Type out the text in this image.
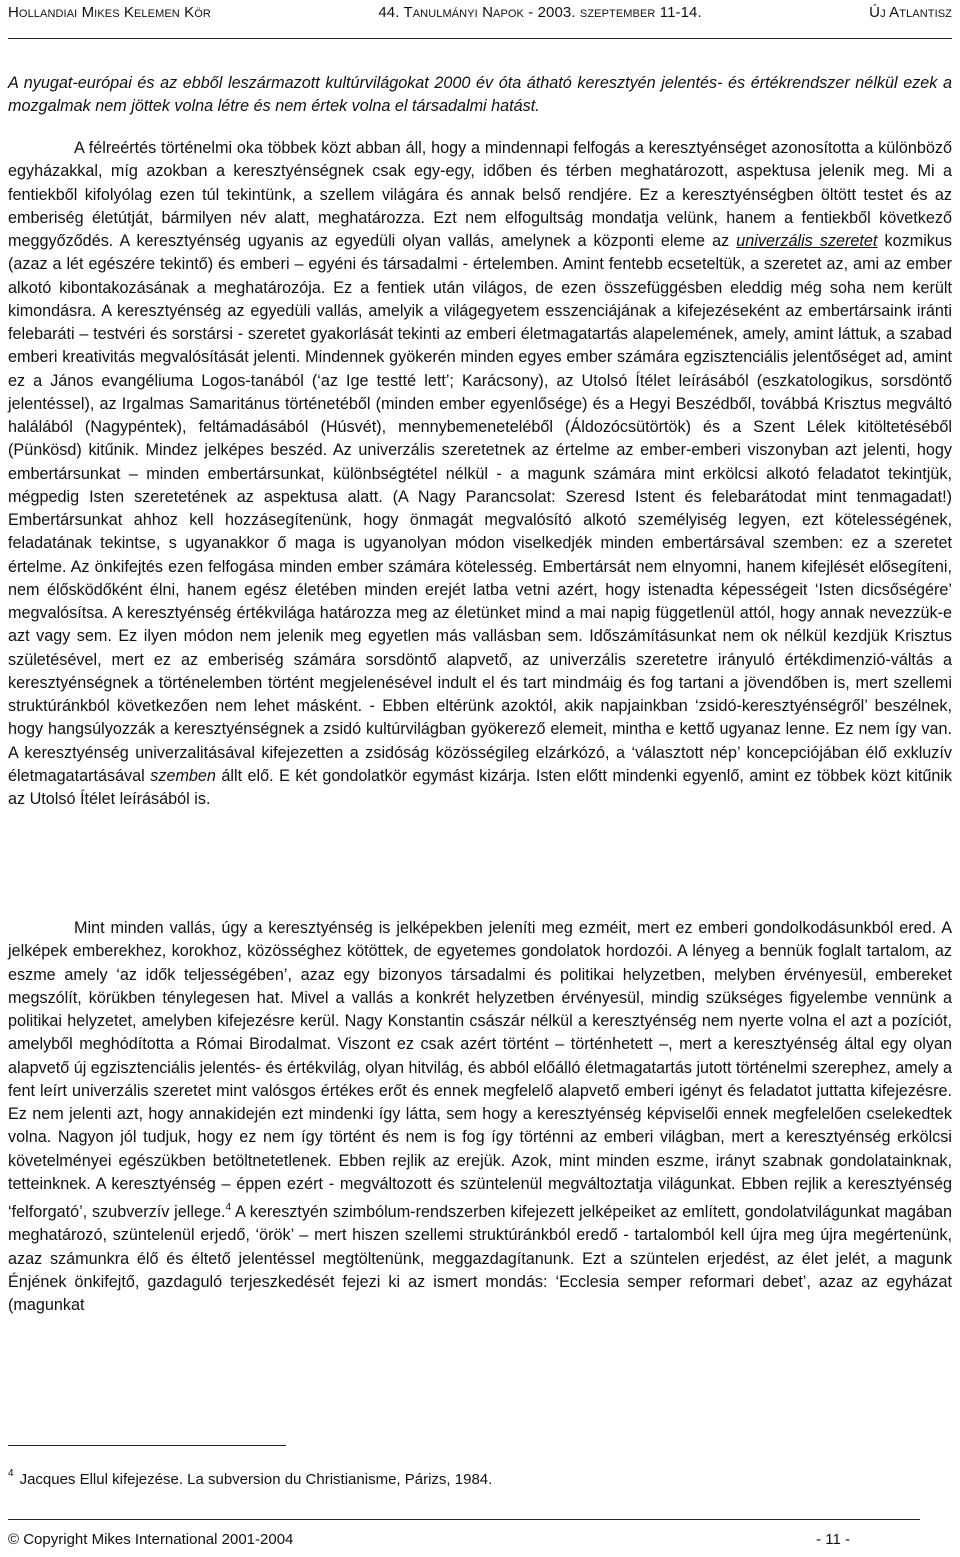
Hollandiai Mikes Kelemen Kör	44. Tanulmányi Napok - 2003. szeptember 11-14.	Új Atlantisz

A nyugat-európai és az ebből leszármazott kultúrvilágokat 2000 év óta átható keresztyén jelentés- és értékrendszer nélkül ezek a mozgalmak nem jöttek volna létre és nem értek volna el társadalmi hatást.

A félreértés történelmi oka többek közt abban áll, hogy a mindennapi felfogás a keresztyénséget azonosította a különböző egyházakkal, míg azokban a keresztyénségnek csak egy-egy, időben és térben meghatározott, aspektusa jelenik meg. Mi a fentiekből kifolyólag ezen túl tekintünk, a szellem világára és annak belső rendjére. Ez a keresztyénségben öltött testet és az emberiség életútját, bármilyen név alatt, meghatározza. Ezt nem elfogultság mondatja velünk, hanem a fentiekből következő meggyőződés. A keresztyénség ugyanis az egyedüli olyan vallás, amelynek a központi eleme az univerzális szeretet kozmikus (azaz a lét egészére tekintő) és emberi – egyéni és társadalmi - értelemben. Amint fentebb ecseteltük, a szeretet az, ami az ember alkotó kibontakozásának a meghatározója. Ez a fentiek után világos, de ezen összefüggésben eleddig még soha nem került kimondásra. A keresztyénség az egyedüli vallás, amelyik a világegyetem esszenciájának a kifejezéseként az embertársaink iránti felebaráti – testvéri és sorstársi - szeretet gyakorlását tekinti az emberi életmagatartás alapelemének, amely, amint láttuk, a szabad emberi kreativitás megvalósítását jelenti. Mindennek gyökerén minden egyes ember számára egzisztenciális jelentőséget ad, amint ez a János evangéliuma Logos-tanából (‘az Ige testté lett’; Karácsony), az Utolsó Ítélet leírásából (eszkatologikus, sorsdöntő jelentéssel), az Irgalmas Samaritánus történetéből (minden ember egyenlősége) és a Hegyi Beszédből, továbbá Krisztus megváltó halálából (Nagypéntek), feltámadásából (Húsvét), mennybemeneteléből (Áldozócsütörtök) és a Szent Lélek kitöltetéséből (Pünkösd) kitűnik. Mindez jelképes beszéd. Az univerzális szeretetnek az értelme az ember-emberi viszonyban azt jelenti, hogy embertársunkat – minden embertársunkat, különbségtétel nélkül - a magunk számára mint erkölcsi alkotó feladatot tekintjük, mégpedig Isten szeretetének az aspektusa alatt. (A Nagy Parancsolat: Szeresd Istent és felebarátodat mint tenmagadat!) Embertársunkat ahhoz kell hozzásegítenünk, hogy önmagát megvalósító alkotó személyiség legyen, ezt kötelességének, feladatának tekintse, s ugyanakkor ő maga is ugyanolyan módon viselkedjék minden embertársával szemben: ez a szeretet értelme. Az önkifejtés ezen felfogása minden ember számára kötelesség. Embertársát nem elnyomni, hanem kifejlését elősegíteni, nem élősködőként élni, hanem egész életében minden erejét latba vetni azért, hogy istenadta képességeit ‘Isten dicsőségére’ megvalósítsa. A keresztyénség értékvilága határozza meg az életünket mind a mai napig függetlenül attól, hogy annak nevezzük-e azt vagy sem. Ez ilyen módon nem jelenik meg egyetlen más vallásban sem. Időszámításunkat nem ok nélkül kezdjük Krisztus születésével, mert ez az emberiség számára sorsdöntő alapvető, az univerzális szeretetre irányuló értékdimenzió-váltás a keresztyénségnek a történelemben történt megjelenésével indult el és tart mindmáig és fog tartani a jövendőben is, mert szellemi struktúránkból következően nem lehet másként. - Ebben eltérünk azoktól, akik napjainkban ‘zsidó-keresztyénségről’ beszélnek, hogy hangsúlyozzák a keresztyénségnek a zsidó kultúrvilágban gyökerező elemeit, mintha e kettő ugyanaz lenne. Ez nem így van. A keresztyénség univerzalitásával kifejezetten a zsidóság közösségileg elzárkózó, a ‘választott nép’ koncepciójában élő exkluzív életmagatartásával szemben állt elő. E két gondolatkör egymást kizárja. Isten előtt mindenki egyenlő, amint ez többek közt kitűnik az Utolsó Ítélet leírásából is.

Mint minden vallás, úgy a keresztyénség is jelképekben jeleníti meg ezméit, mert ez emberi gondolkodásunkból ered. A jelképek emberekhez, korokhoz, közösséghez kötöttek, de egyetemes gondolatok hordozói. A lényeg a bennük foglalt tartalom, az eszme amely ‘az idők teljességében’, azaz egy bizonyos társadalmi és politikai helyzetben, melyben érvényesül, embereket megszólít, körükben ténylegesen hat. Mivel a vallás a konkrét helyzetben érvényesül, mindig szükséges figyelembe vennünk a politikai helyzetet, amelyben kifejezésre kerül. Nagy Konstantin császár nélkül a keresztyénség nem nyerte volna el azt a pozíciót, amelyből meghódította a Római Birodalmat. Viszont ez csak azért történt – történhetett –, mert a keresztyénség által egy olyan alapvető új egzisztenciális jelentés- és értékvilág, olyan hitvilág, és abból előálló életmagatartás jutott történelmi szerephez, amely a fent leírt univerzális szeretet mint valósgos értékes erőt és ennek megfelelő alapvető emberi igényt és feladatot juttatta kifejezésre. Ez nem jelenti azt, hogy annakidején ezt mindenki így látta, sem hogy a keresztyénség képviselői ennek megfelelően cselekedtek volna. Nagyon jól tudjuk, hogy ez nem így történt és nem is fog így történni az emberi világban, mert a keresztyénség erkölcsi követelményei egészükben betöltnetetlenek. Ebben rejlik az erejük. Azok, mint minden eszme, irányt szabnak gondolatainknak, tetteinknek. A keresztyénség – éppen ezért - megváltozott és szüntelenül megváltoztatja világunkat. Ebben rejlik a keresztyénség ‘felforgató’, szubverzív jellege.$^4$ A keresztyén szimbólum-rendszerben kifejezett jelképeiket az említett, gondolatvilágunkat magában meghatározó, szüntelenül erjedő, ‘örök’ – mert hiszen szellemi struktúránkból eredő - tartalomból kell újra meg újra megértenünk, azaz számunkra élő és éltető jelentéssel megtöltenünk, meggazdagítanunk. Ezt a szüntelen erjedést, az élet jelét, a magunk Énjének önkifejtő, gazdaguló terjeszkedését fejezi ki az ismert mondás: ‘Ecclesia semper reformari debet’, azaz az egyházat (magunkat

$^4$ Jacques Ellul kifejezése. La subversion du Christianisme, Párizs, 1984.
© Copyright Mikes International 2001-2004	- 11 -
